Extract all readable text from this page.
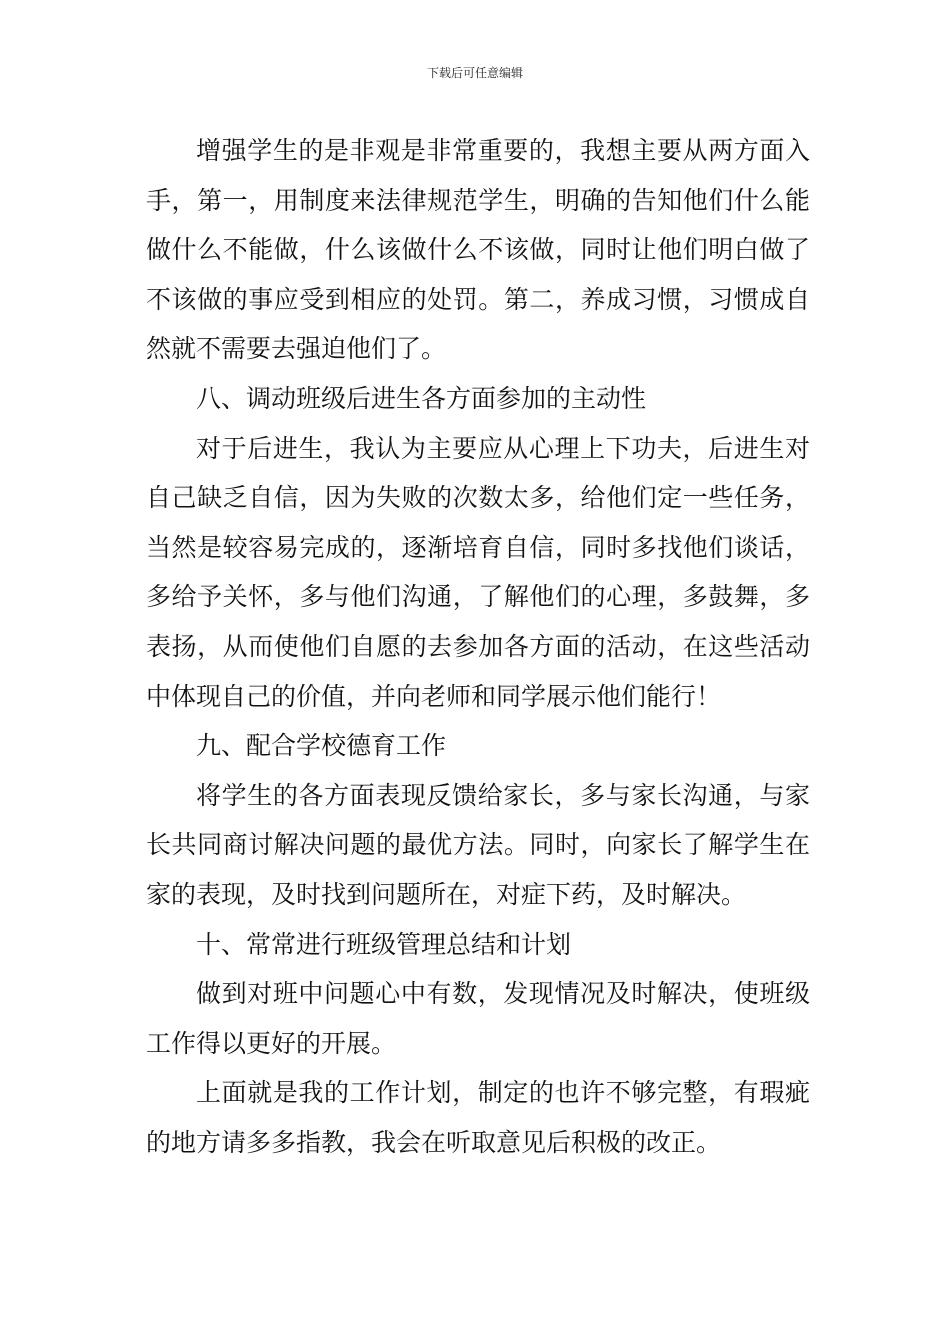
下载后可任意编辑

增强学生的是非观是非常重要的，我想主要从两方面入手，第一，用制度来法律规范学生，明确的告知他们什么能做什么不能做，什么该做什么不该做，同时让他们明白做了不该做的事应受到相应的处罚。第二，养成习惯，习惯成自然就不需要去强迫他们了。

八、调动班级后进生各方面参加的主动性

对于后进生，我认为主要应从心理上下功夫，后进生对自己缺乏自信，因为失败的次数太多，给他们定一些任务，当然是较容易完成的，逐渐培育自信，同时多找他们谈话，多给予关怀，多与他们沟通，了解他们的心理，多鼓舞，多表扬，从而使他们自愿的去参加各方面的活动，在这些活动中体现自己的价值，并向老师和同学展示他们能行！

九、配合学校德育工作

将学生的各方面表现反馈给家长，多与家长沟通，与家长共同商讨解决问题的最优方法。同时，向家长了解学生在家的表现，及时找到问题所在，对症下药，及时解决。

十、常常进行班级管理总结和计划

做到对班中问题心中有数，发现情况及时解决，使班级工作得以更好的开展。

上面就是我的工作计划，制定的也许不够完整，有瑕疵的地方请多多指教，我会在听取意见后积极的改正。
